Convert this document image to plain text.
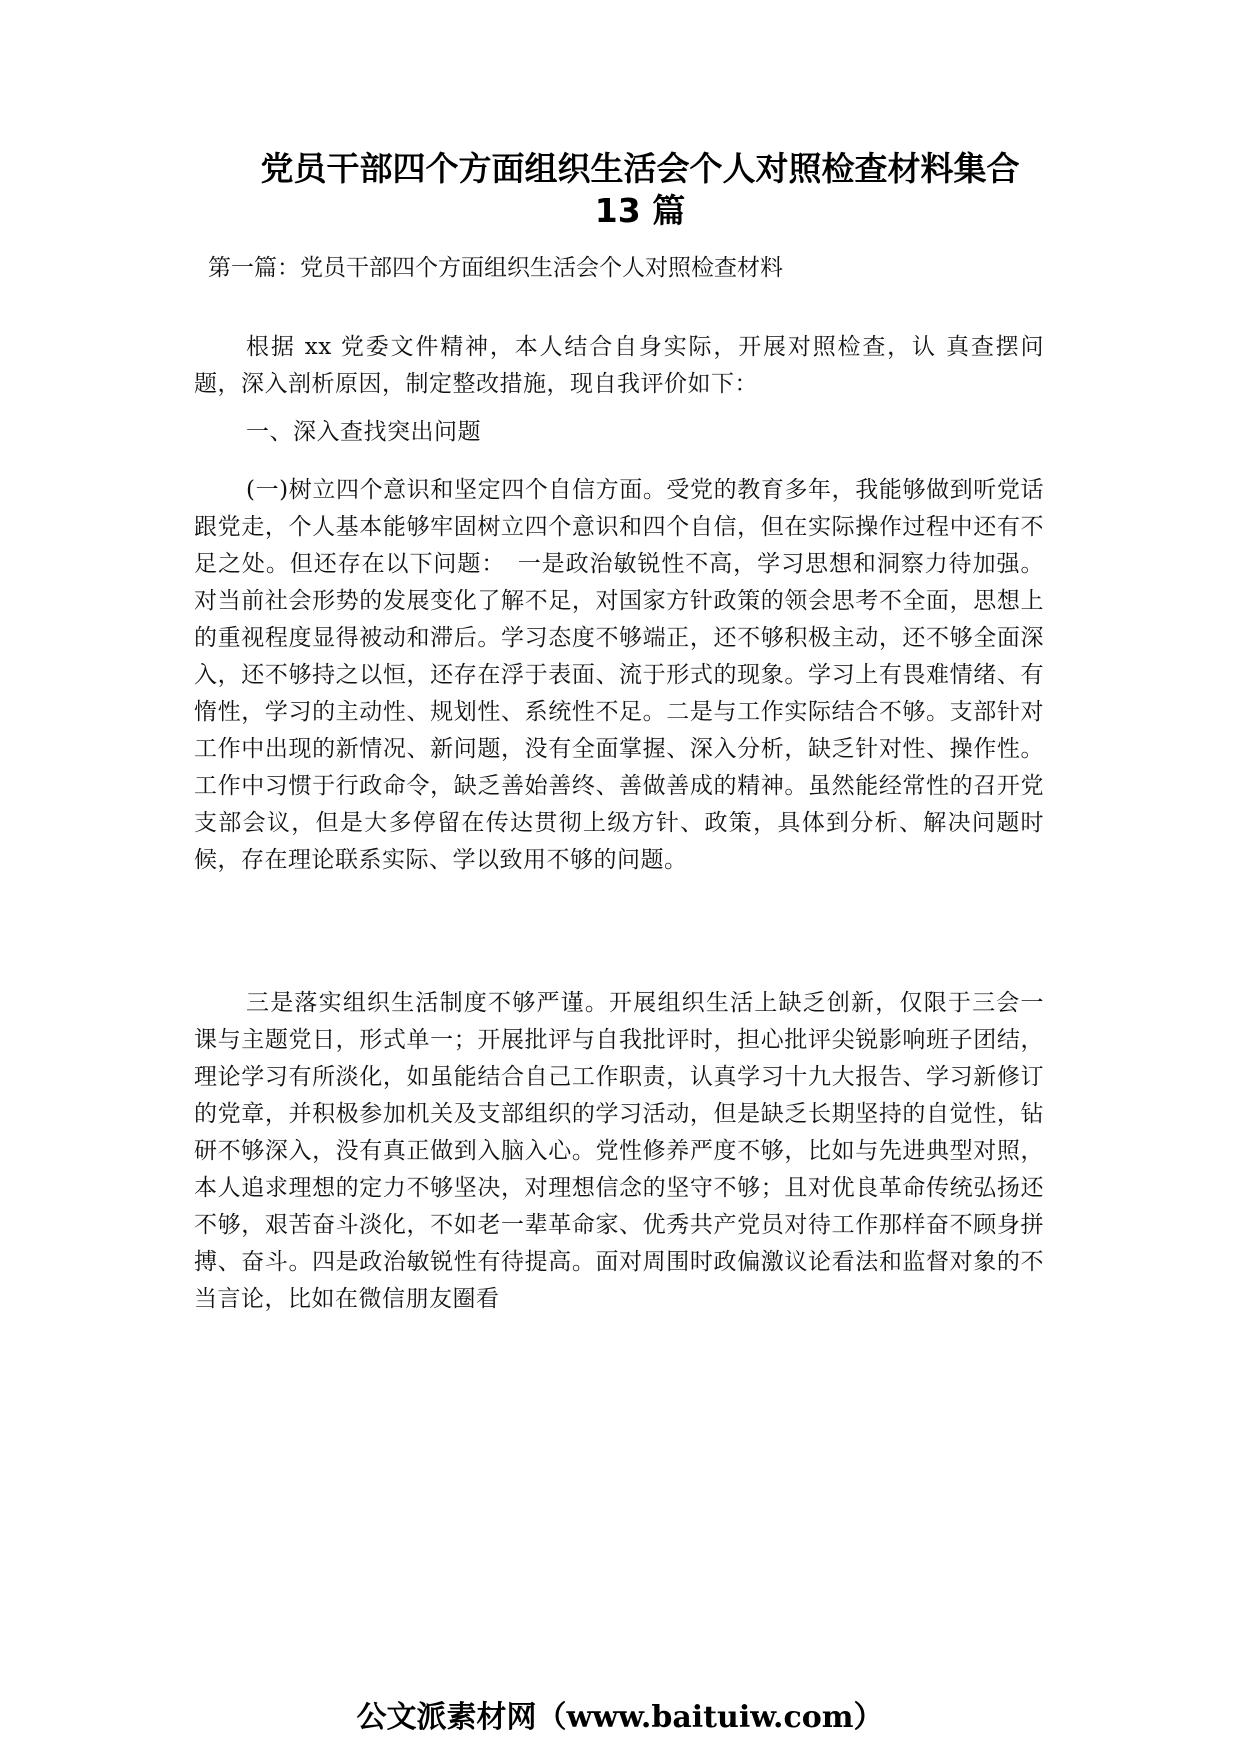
党员干部四个方面组织生活会个人对照检查材料集合
13 篇
第一篇：党员干部四个方面组织生活会个人对照检查材料

根据 xx 党委文件精神，本人结合自身实际，开展对照检查，认 真查摆问题，深入剖析原因，制定整改措施，现自我评价如下：

一、深入查找突出问题

(一)树立四个意识和坚定四个自信方面。受党的教育多年，我能够做到听党话跟党走，个人基本能够牢固树立四个意识和四个自信，但在实际操作过程中还有不足之处。但还存在以下问题：　一是政治敏锐性不高，学习思想和洞察力待加强。对当前社会形势的发展变化了解不足，对国家方针政策的领会思考不全面，思想上的重视程度显得被动和滞后。学习态度不够端正，还不够积极主动，还不够全面深入，还不够持之以恒，还存在浮于表面、流于形式的现象。学习上有畏难情绪、有惰性，学习的主动性、规划性、系统性不足。二是与工作实际结合不够。支部针对工作中出现的新情况、新问题，没有全面掌握、深入分析，缺乏针对性、操作性。工作中习惯于行政命令，缺乏善始善终、善做善成的精神。虽然能经常性的召开党支部会议，但是大多停留在传达贯彻上级方针、政策，具体到分析、解决问题时候，存在理论联系实际、学以致用不够的问题。

三是落实组织生活制度不够严谨。开展组织生活上缺乏创新，仅限于三会一课与主题党日，形式单一；开展批评与自我批评时，担心批评尖锐影响班子团结，理论学习有所淡化，如虽能结合自己工作职责，认真学习十九大报告、学习新修订的党章，并积极参加机关及支部组织的学习活动，但是缺乏长期坚持的自觉性，钻研不够深入，没有真正做到入脑入心。党性修养严度不够，比如与先进典型对照，本人追求理想的定力不够坚决，对理想信念的坚守不够；且对优良革命传统弘扬还不够，艰苦奋斗淡化，不如老一辈革命家、优秀共产党员对待工作那样奋不顾身拼搏、奋斗。四是政治敏锐性有待提高。面对周围时政偏激议论看法和监督对象的不当言论，比如在微信朋友圈看

公文派素材网（www.baituiw.com）
